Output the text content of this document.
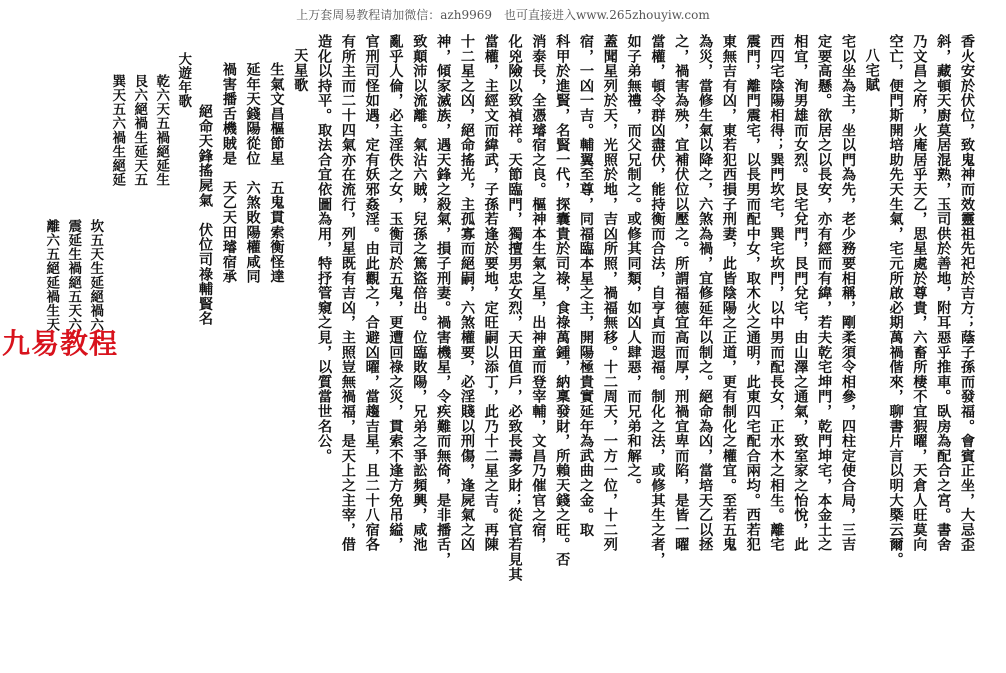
上万套周易教程请加微信：azh9969　也可直接进入www.265zhouyiw.com
香火安於伏位，致鬼神而效靈祖先祀於吉方；蔭子孫而發福。會賓正坐，大忌歪
斜，藏頓天廚莫居混熟，玉司供於善地，附耳惡乎推車。臥房為配合之宮。書舍
乃文昌之府，火庵居乎天乙，思星處於尊貴，六畜所棲不宜猳曜，天倉人旺莫向
空亡，便門斯開培助先天生氣，宅元所啟必期萬禍偕來，聊書片言以明大槩云爾。
八宅賦
宅以坐為主，坐以門為先，老少務要相稱，剛柔須令相參，四柱定使合局，三吉
定要高懸。欲居之以長安，亦有經而有緯，若夫乾宅坤門，乾門坤宅，本金土之
相宜，洵男雄而女烈。艮宅兌門，艮門兌宅，由山澤之通氣，致室家之怡悅，此
西四宅陰陽相得；巽門坎宅，巽宅坎門，以中男而配長女，正水木之相生。離宅
震門，離門震宅，以長男而配中女，取木火之通明，此東四宅配合兩均。西若犯
東無吉有凶，東若犯西損子刑妻，此皆陰陽之正道，更有制化之權宜。至若五鬼
為災，當修生氣以降之，六煞為禍，宜修延年以制之。絕命為凶，當培天乙以拯
之，禍害為殃，宜補伏位以壓之。所謂福德宜高而厚，刑禍宜卑而陷，是皆一曜
當權，頓令群凶盡伏，能持衡而合法，自亨貞而遐福。制化之法，或修其生之者，
如子弟無禮，而父兄制之。或修其同類，如凶人肆惡，而兄弟和解之。
蓋聞星列於天，光照於地，吉凶所照，禍福無移。十二周天，一方一位，十二列
宿，一凶一吉。輔翼至尊，同福臨本星之主，開陽極貴實延年為武曲之金。取
科甲於進賢，名賢一代，探囊貴於司祿，食祿萬鍾，納稟發財，所賴天錢之旺。否
消泰長，全憑璿宿之良。樞神本生氣之星，出神童而登宰輔，文昌乃催官之宿，
化兇險以致禎祥。天節臨門，獨擅男忠女烈，天田值戶，必致長壽多財；從官若見其
當權，主經文而緯武，子孫若逢於要地，定旺嗣以添丁，此乃十二星之吉。再陳
十二星之凶，絕命搖光，主孤寡而絕嗣，六煞權要，必淫賤以刑傷，逢屍氣之凶
神，傾家滅族，遇天鋒之殺氣，損子刑妻。禍害機星，令疾難而無倚，是非播舌，
致顛沛以流離。氣沾六賊，兒孫之篤盜倍出。位臨敗陽，兄弟之爭訟頻興，咸池
亂乎人倫，必主淫佚之女，玉衡司於五鬼，更遭回祿之災，貫索不逢方免吊縊，
官刑司怪如遇，定有妖邪姦淫。由此觀之，合避凶曜，當趨吉星，且二十八宿各
有所主而二十四氣亦在流行，列星既有吉凶，主照豈無禍福，是天上之主宰，借
造化以持平。取法合宜依圖為用，特抒管窺之見，以質當世名公。
天星歌
生氣文昌樞節星　五鬼貫索衡怪達
延年天錢陽從位　六煞敗陽權咸同
禍害播舌機賊是　天乙天田璿宿承
絕命天鋒搖屍氣　伏位司祿輔賢名
大遊年歌
乾六天五禍絕延生
艮六絕禍生延天五
巽天五六禍生絕延
坎五天生延絕禍六
震延生禍絕五天六
離六五絕延禍生天
九易教程
